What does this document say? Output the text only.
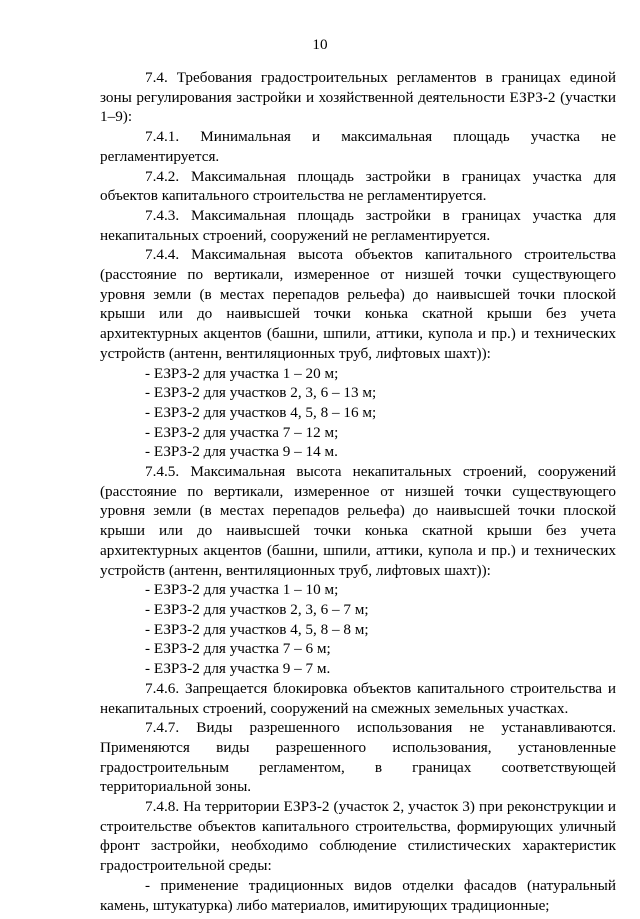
10

7.4. Требования градостроительных регламентов в границах единой зоны регулирования застройки и хозяйственной деятельности ЕЗРЗ-2 (участки 1–9):

7.4.1. Минимальная и максимальная площадь участка не регламентируется.

7.4.2. Максимальная площадь застройки в границах участка для объектов капитального строительства не регламентируется.

7.4.3. Максимальная площадь застройки в границах участка для некапитальных строений, сооружений не регламентируется.

7.4.4. Максимальная высота объектов капитального строительства (расстояние по вертикали, измеренное от низшей точки существующего уровня земли (в местах перепадов рельефа) до наивысшей точки плоской крыши или до наивысшей точки конька скатной крыши без учета архитектурных акцентов (башни, шпили, аттики, купола и пр.) и технических устройств (антенн, вентиляционных труб, лифтовых шахт)):

- ЕЗРЗ-2 для участка 1 – 20 м;

- ЕЗРЗ-2 для участков 2, 3, 6 – 13 м;

- ЕЗРЗ-2 для участков 4, 5, 8 – 16 м;

- ЕЗРЗ-2 для участка 7 – 12 м;

- ЕЗРЗ-2 для участка 9 – 14 м.

7.4.5. Максимальная высота некапитальных строений, сооружений (расстояние по вертикали, измеренное от низшей точки существующего уровня земли (в местах перепадов рельефа) до наивысшей точки плоской крыши или до наивысшей точки конька скатной крыши без учета архитектурных акцентов (башни, шпили, аттики, купола и пр.) и технических устройств (антенн, вентиляционных труб, лифтовых шахт)):

- ЕЗРЗ-2 для участка 1 – 10 м;

- ЕЗРЗ-2 для участков 2, 3, 6 – 7 м;

- ЕЗРЗ-2 для участков 4, 5, 8 – 8 м;

- ЕЗРЗ-2 для участка 7 – 6 м;

- ЕЗРЗ-2 для участка 9 – 7 м.

7.4.6. Запрещается блокировка объектов капитального строительства и некапитальных строений, сооружений на смежных земельных участках.

7.4.7. Виды разрешенного использования не устанавливаются. Применяются виды разрешенного использования, установленные градостроительным регламентом, в границах соответствующей территориальной зоны.

7.4.8. На территории ЕЗРЗ-2 (участок 2, участок 3) при реконструкции и строительстве объектов капитального строительства, формирующих уличный фронт застройки, необходимо соблюдение стилистических характеристик градостроительной среды:

- применение традиционных видов отделки фасадов (натуральный камень, штукатурка) либо материалов, имитирующих традиционные;
